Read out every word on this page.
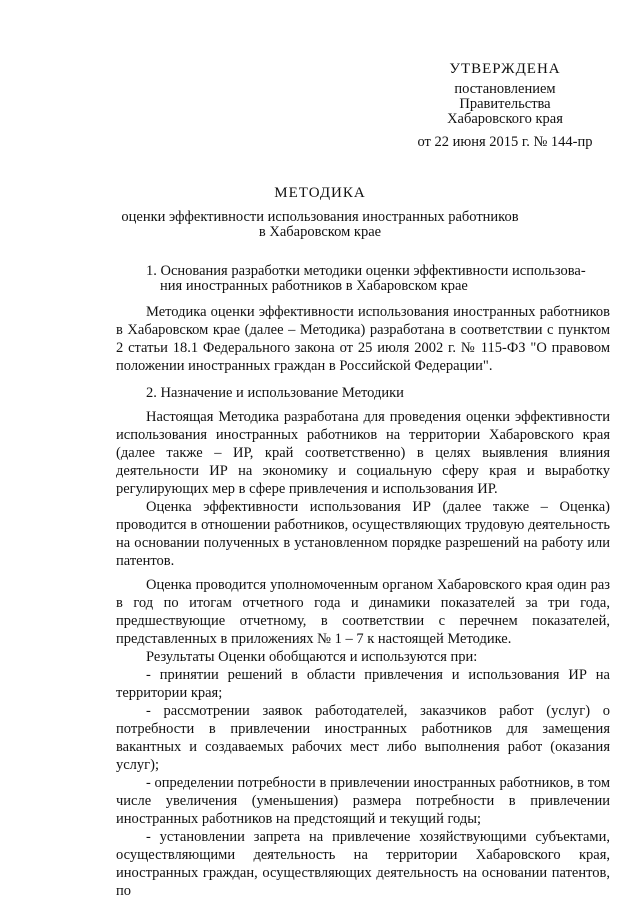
УТВЕРЖДЕНА
постановлением
Правительства
Хабаровского края
от 22 июня 2015 г. № 144-пр
МЕТОДИКА
оценки эффективности использования иностранных работников
в Хабаровском крае

1. Основания разработки методики оценки эффективности использова-
ния иностранных работников в Хабаровском крае

Методика оценки эффективности использования иностранных работников в Хабаровском крае (далее – Методика) разработана в соответствии с пунктом 2 статьи 18.1 Федерального закона от 25 июля 2002 г. № 115-ФЗ "О правовом положении иностранных граждан в Российской Федерации".

2. Назначение и использование Методики

Настоящая Методика разработана для проведения оценки эффективности использования иностранных работников на территории Хабаровского края (далее также – ИР, край соответственно) в целях выявления влияния деятельности ИР на экономику и социальную сферу края и выработку регулирующих мер в сфере привлечения и использования ИР.

Оценка эффективности использования ИР (далее также – Оценка) проводится в отношении работников, осуществляющих трудовую деятельность на основании полученных в установленном порядке разрешений на работу или патентов.

Оценка проводится уполномоченным органом Хабаровского края один раз в год по итогам отчетного года и динамики показателей за три года, предшествующие отчетному, в соответствии с перечнем показателей, представленных в приложениях № 1 – 7 к настоящей Методике.

Результаты Оценки обобщаются и используются при:

- принятии решений в области привлечения и использования ИР на территории края;

- рассмотрении заявок работодателей, заказчиков работ (услуг) о потребности в привлечении иностранных работников для замещения вакантных и создаваемых рабочих мест либо выполнения работ (оказания услуг);

- определении потребности в привлечении иностранных работников, в том числе увеличения (уменьшения) размера потребности в привлечении иностранных работников на предстоящий и текущий годы;

- установлении запрета на привлечение хозяйствующими субъектами, осуществляющими деятельность на территории Хабаровского края, иностранных граждан, осуществляющих деятельность на основании патентов, по
